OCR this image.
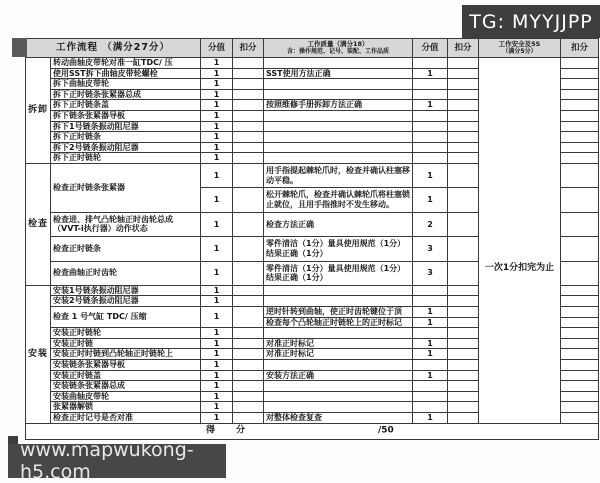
工作流程 （满分27分）	分值	扣分	工作质量（满分18）
含：操作规范、记号、装配、工作品质	分值	扣分	工作安全及5S
（满分5分）	扣分
拆卸	转动曲轴皮带轮对准一缸TDC/ 压	1					一次1分扣完为止	

	使用SST拆下曲轴皮带轮螺栓	1		SST使用方法正确	1			
	拆下曲轴皮带轮	1						
	拆下正时链条张紧器总成	1						
	拆下正时链条盖	1		按照维修手册拆卸方法正确	1			
	拆下链条张紧器导板	1						
	拆下1号链条振动阻尼器	1						
	拆下正时链条	1						
	拆下2号链条振动阻尼器	1						
	拆下正时链轮	1						
检查	检查正时链条张紧器	1		用手指提起棘轮爪时，检查并确认柱塞移动平稳。	1			
		1		松开棘轮爪，检查并确认棘轮爪将柱塞锁止就位，且用手指推时不发生移动。	1			
	检查进、排气凸轮轴正时齿轮总成（VVT-i执行器）动作状态	1		检查方法正确	2			
	检查正时链条	1		零件清洁（1分）量具使用规范（1分）结果正确（1分）	3			
	检查曲轴正时齿轮	1		零件清洁（1分）量具使用规范（1分）结果正确（1分）	3			
安装	安装1号链条振动阻尼器	1						
	安装2号链条振动阻尼器	1						
	检查 1 号气缸 TDC/ 压缩	1		逆时针转到曲轴，使正时齿轮键位于顶	1			
				检查每个凸轮轴正时链轮上的正时标记	1			
	安装正时链轮	1						
	安装正时链	1		对准正时标记	1			
	安装正时时链到凸轮轴正时链轮上	1		对准正时标记	1			
	安装链条张紧器导板	1						
	安装正时链盖	1		安装方法正确	1			
	安装链条张紧器总成	1						
	安装曲轴皮带轮	1						
	张紧器解锁	1						
	检查正时记号是否对准	1		对整体检查复查	1			

得　分 /50								
TG: MYYJJPP
www.mapwukong-h5.com
